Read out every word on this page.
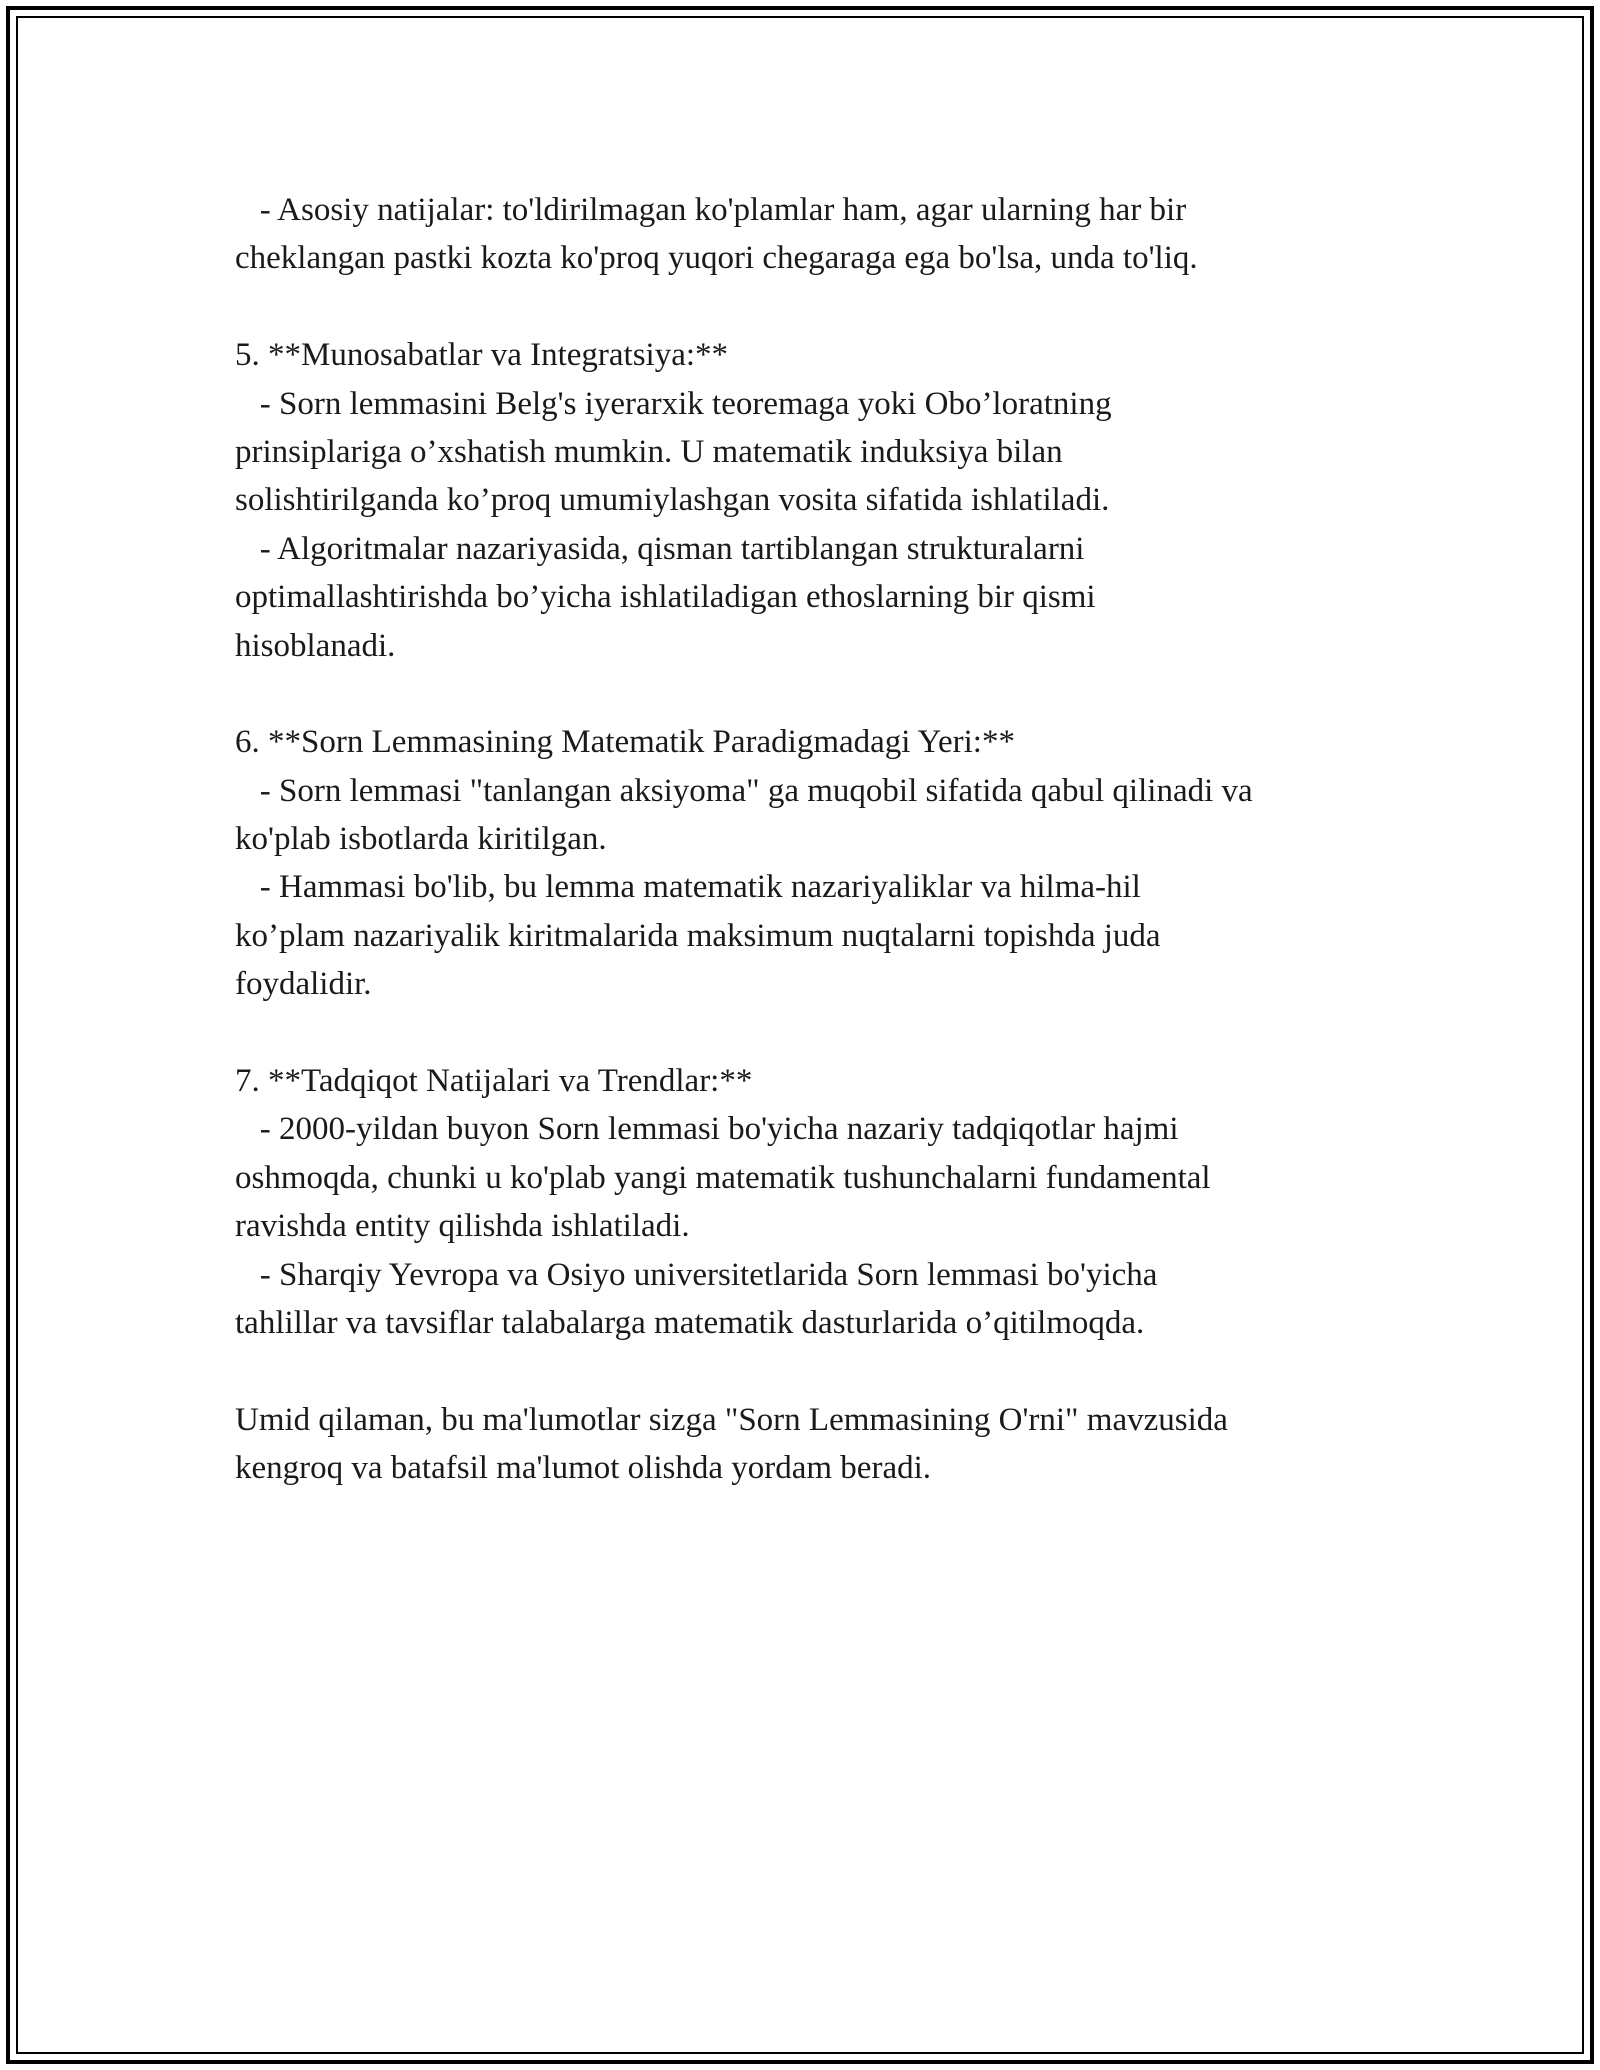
- Asosiy natijalar: to'ldirilmagan ko'plamlar ham, agar ularning har bir
cheklangan pastki kozta ko'proq yuqori chegaraga ega bo'lsa, unda to'liq.
5. **Munosabatlar va Integratsiya:**
- Sorn lemmasini Belg's iyerarxik teoremaga yoki Obo’loratning
prinsiplariga o’xshatish mumkin. U matematik induksiya bilan
solishtirilganda ko’proq umumiylashgan vosita sifatida ishlatiladi.
- Algoritmalar nazariyasida, qisman tartiblangan strukturalarni
optimallashtirishda bo’yicha ishlatiladigan ethoslarning bir qismi
hisoblanadi.
6. **Sorn Lemmasining Matematik Paradigmadagi Yeri:**
- Sorn lemmasi "tanlangan aksiyoma" ga muqobil sifatida qabul qilinadi va
ko'plab isbotlarda kiritilgan.
- Hammasi bo'lib, bu lemma matematik nazariyaliklar va hilma-hil
ko’plam nazariyalik kiritmalarida maksimum nuqtalarni topishda juda
foydalidir.
7. **Tadqiqot Natijalari va Trendlar:**
- 2000-yildan buyon Sorn lemmasi bo'yicha nazariy tadqiqotlar hajmi
oshmoqda, chunki u ko'plab yangi matematik tushunchalarni fundamental
ravishda entity qilishda ishlatiladi.
- Sharqiy Yevropa va Osiyo universitetlarida Sorn lemmasi bo'yicha
tahlillar va tavsiflar talabalarga matematik dasturlarida o’qitilmoqda.
Umid qilaman, bu ma'lumotlar sizga "Sorn Lemmasining O'rni" mavzusida
kengroq va batafsil ma'lumot olishda yordam beradi.
